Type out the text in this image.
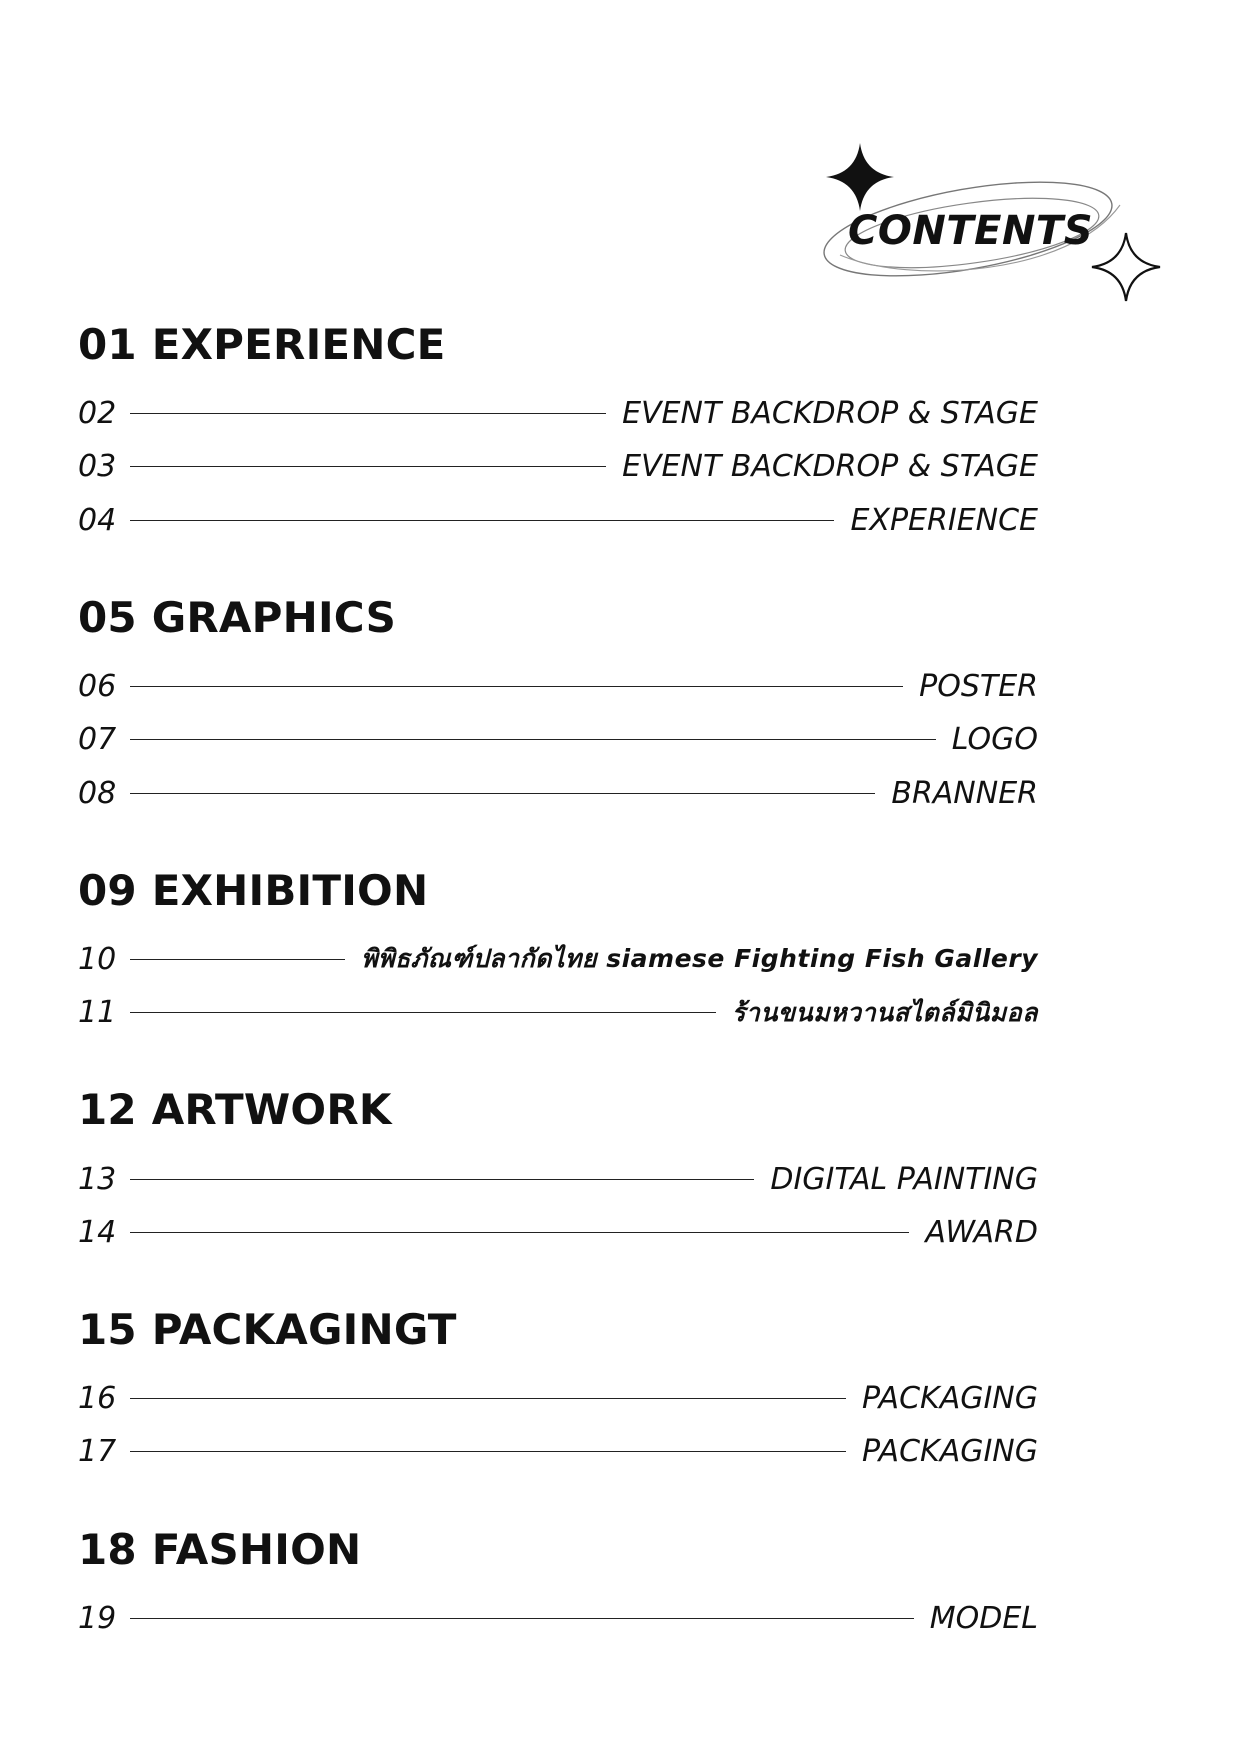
CONTENTS
01 EXPERIENCE
02	EVENT BACKDROP & STAGE
03	EVENT BACKDROP & STAGE
04	EXPERIENCE
05 GRAPHICS
06	POSTER
07	LOGO
08	BRANNER
09 EXHIBITION
10	พิพิธภัณฑ์ปลากัดไทย siamese Fighting Fish Gallery
11	ร้านขนมหวานสไตล์มินิมอล
12 ARTWORK
13	DIGITAL PAINTING
14	AWARD
15 PACKAGINGT
16	PACKAGING
17	PACKAGING
18 FASHION
19	MODEL
